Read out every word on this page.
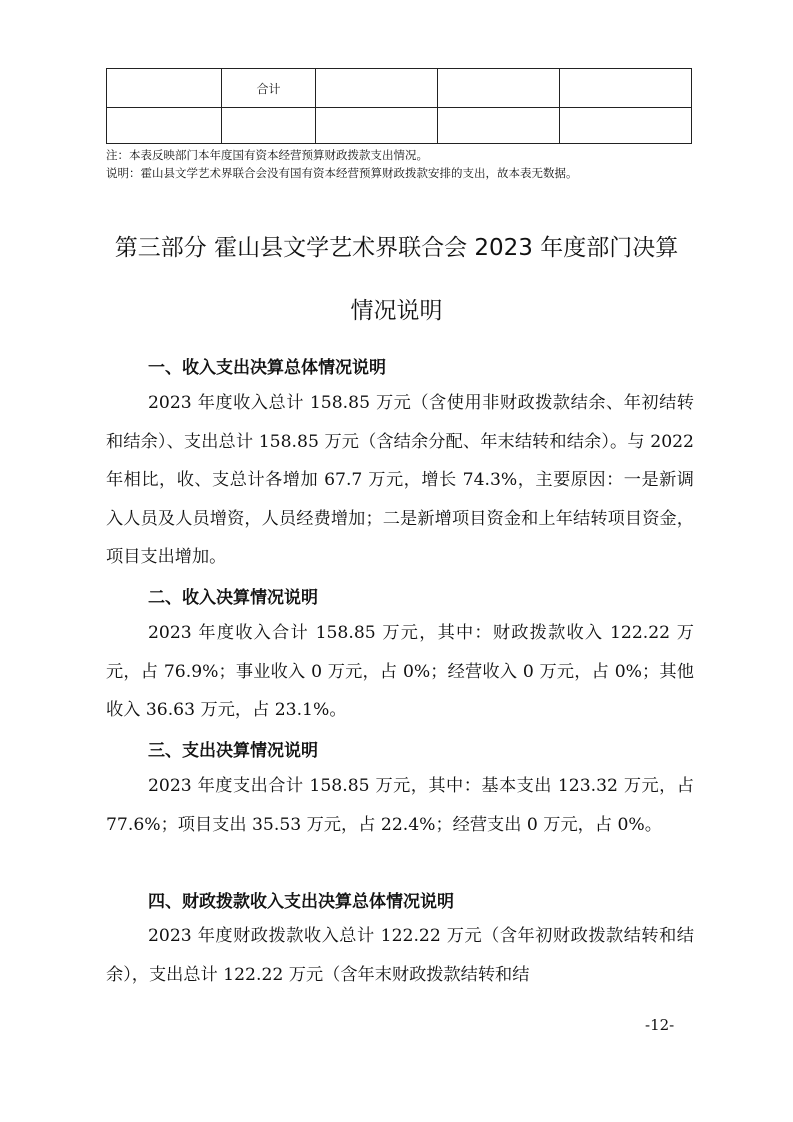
	合计			

注：本表反映部门本年度国有资本经营预算财政拨款支出情况。
说明：霍山县文学艺术界联合会没有国有资本经营预算财政拨款安排的支出，故本表无数据。
第三部分 霍山县文学艺术界联合会 2023 年度部门决算
情况说明
一、收入支出决算总体情况说明

2023 年度收入总计 158.85 万元（含使用非财政拨款结余、年初结转和结余）、支出总计 158.85 万元（含结余分配、年末结转和结余）。与 2022 年相比，收、支总计各增加 67.7 万元，增长 74.3%，主要原因：一是新调入人员及人员增资，人员经费增加；二是新增项目资金和上年结转项目资金，项目支出增加。

二、收入决算情况说明

2023 年度收入合计 158.85 万元，其中：财政拨款收入 122.22 万元，占 76.9%；事业收入 0 万元，占 0%；经营收入 0 万元，占 0%；其他收入 36.63 万元，占 23.1%。

三、支出决算情况说明

2023 年度支出合计 158.85 万元，其中：基本支出 123.32 万元，占 77.6%；项目支出 35.53 万元，占 22.4%；经营支出 0 万元，占 0%。

四、财政拨款收入支出决算总体情况说明

2023 年度财政拨款收入总计 122.22 万元（含年初财政拨款结转和结余），支出总计 122.22 万元（含年末财政拨款结转和结

-12-
